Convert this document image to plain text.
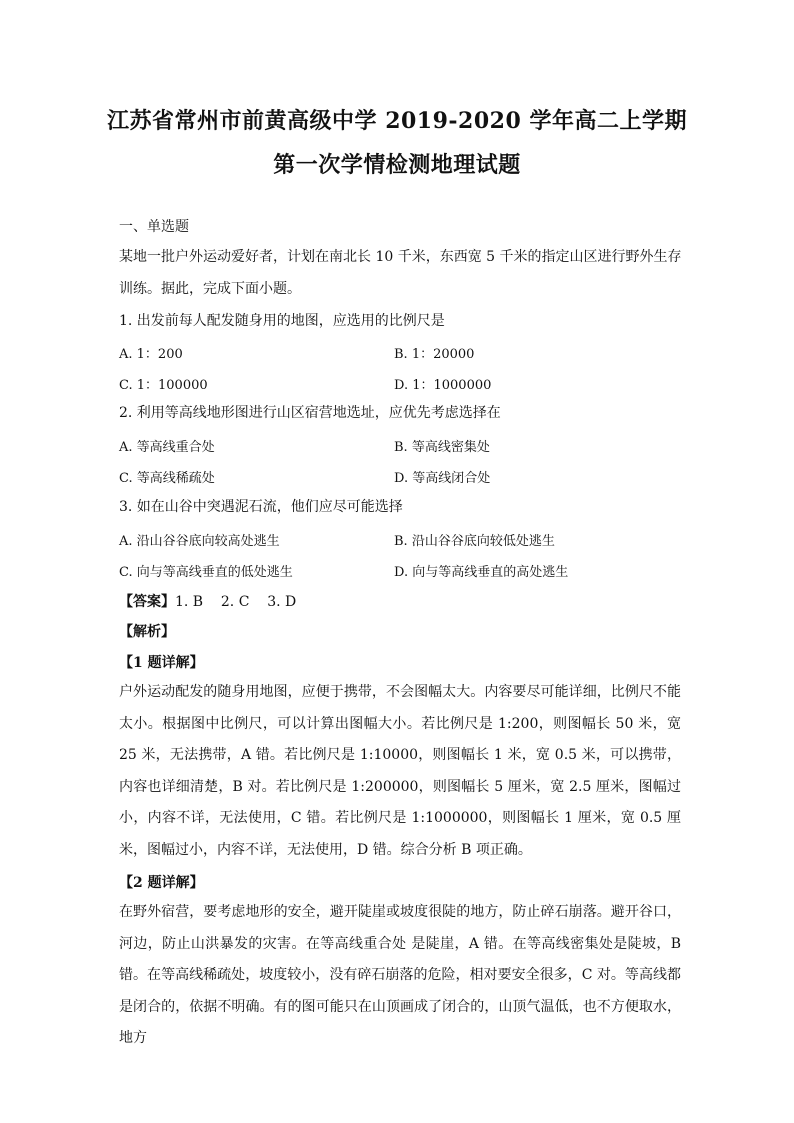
江苏省常州市前黄高级中学 2019-2020 学年高二上学期
第一次学情检测地理试题
一、单选题
某地一批户外运动爱好者，计划在南北长 10 千米，东西宽 5 千米的指定山区进行野外生存
训练。据此，完成下面小题。
1. 出发前每人配发随身用的地图，应选用的比例尺是
A. 1：200	B. 1：20000
C. 1：100000	D. 1：1000000
2. 利用等高线地形图进行山区宿营地选址，应优先考虑选择在
A. 等高线重合处	B. 等高线密集处
C. 等高线稀疏处	D. 等高线闭合处
3. 如在山谷中突遇泥石流，他们应尽可能选择
A. 沿山谷谷底向较高处逃生	B. 沿山谷谷底向较低处逃生
C. 向与等高线垂直的低处逃生	D. 向与等高线垂直的高处逃生
【答案】1. B    2. C    3. D
【解析】
【1 题详解】
户外运动配发的随身用地图，应便于携带，不会图幅太大。内容要尽可能详细，比例尺不能太小。根据图中比例尺，可以计算出图幅大小。若比例尺是 1:200，则图幅长 50 米，宽 25 米，无法携带，A 错。若比例尺是 1:10000，则图幅长 1 米，宽 0.5 米，可以携带，内容也详细清楚，B 对。若比例尺是 1:200000，则图幅长 5 厘米，宽 2.5 厘米，图幅过小，内容不详，无法使用，C 错。若比例尺是 1:1000000，则图幅长 1 厘米，宽 0.5 厘米，图幅过小，内容不详，无法使用，D 错。综合分析 B 项正确。
【2 题详解】
在野外宿营，要考虑地形的安全，避开陡崖或坡度很陡的地方，防止碎石崩落。避开谷口，河边，防止山洪暴发的灾害。在等高线重合处 是陡崖，A 错。在等高线密集处是陡坡，B 错。在等高线稀疏处，坡度较小，没有碎石崩落的危险，相对要安全很多，C 对。等高线都是闭合的，依据不明确。有的图可能只在山顶画成了闭合的，山顶气温低，也不方便取水，地方
